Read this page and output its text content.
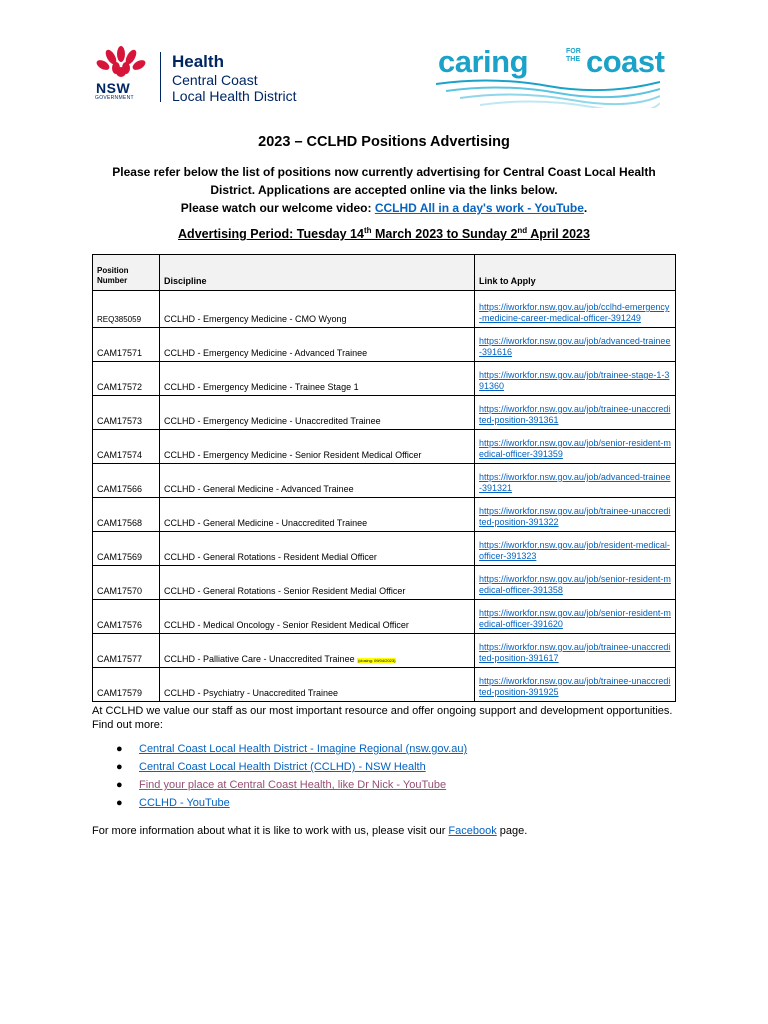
NSW
GOVERNMENT
Health
Central Coast
Local Health District
caring	FOR
THE coast
2023 – CCLHD Positions Advertising
Please refer below the list of positions now currently advertising for Central Coast Local Health District. Applications are accepted online via the links below.
Please watch our welcome video: CCLHD All in a day's work - YouTube.
Advertising Period: Tuesday 14th March 2023 to Sunday 2nd April 2023
Position Number	Discipline	Link to Apply
REQ385059	CCLHD - Emergency Medicine - CMO Wyong	https://iworkfor.nsw.gov.au/job/cclhd-emergency-medicine-career-medical-officer-391249
CAM17571	CCLHD - Emergency Medicine - Advanced Trainee	https://iworkfor.nsw.gov.au/job/advanced-trainee-391616
CAM17572	CCLHD - Emergency Medicine - Trainee Stage 1	https://iworkfor.nsw.gov.au/job/trainee-stage-1-391360
CAM17573	CCLHD - Emergency Medicine - Unaccredited Trainee	https://iworkfor.nsw.gov.au/job/trainee-unaccredited-position-391361
CAM17574	CCLHD - Emergency Medicine - Senior Resident Medical Officer	https://iworkfor.nsw.gov.au/job/senior-resident-medical-officer-391359
CAM17566	CCLHD - General Medicine - Advanced Trainee	https://iworkfor.nsw.gov.au/job/advanced-trainee-391321
CAM17568	CCLHD - General Medicine - Unaccredited Trainee	https://iworkfor.nsw.gov.au/job/trainee-unaccredited-position-391322
CAM17569	CCLHD - General Rotations - Resident Medial Officer	https://iworkfor.nsw.gov.au/job/resident-medical-officer-391323
CAM17570	CCLHD - General Rotations - Senior Resident Medial Officer	https://iworkfor.nsw.gov.au/job/senior-resident-medical-officer-391358
CAM17576	CCLHD - Medical Oncology - Senior Resident Medical Officer	https://iworkfor.nsw.gov.au/job/senior-resident-medical-officer-391620
CAM17577	CCLHD - Palliative Care - Unaccredited Trainee (closing: 09/04/2023)	https://iworkfor.nsw.gov.au/job/trainee-unaccredited-position-391617
CAM17579	CCLHD - Psychiatry - Unaccredited Trainee	https://iworkfor.nsw.gov.au/job/trainee-unaccredited-position-391925
At CCLHD we value our staff as our most important resource and offer ongoing support and development opportunities. Find out more:
● Central Coast Local Health District - Imagine Regional (nsw.gov.au)
● Central Coast Local Health District (CCLHD) - NSW Health
● Find your place at Central Coast Health, like Dr Nick - YouTube
● CCLHD - YouTube
For more information about what it is like to work with us, please visit our Facebook page.
